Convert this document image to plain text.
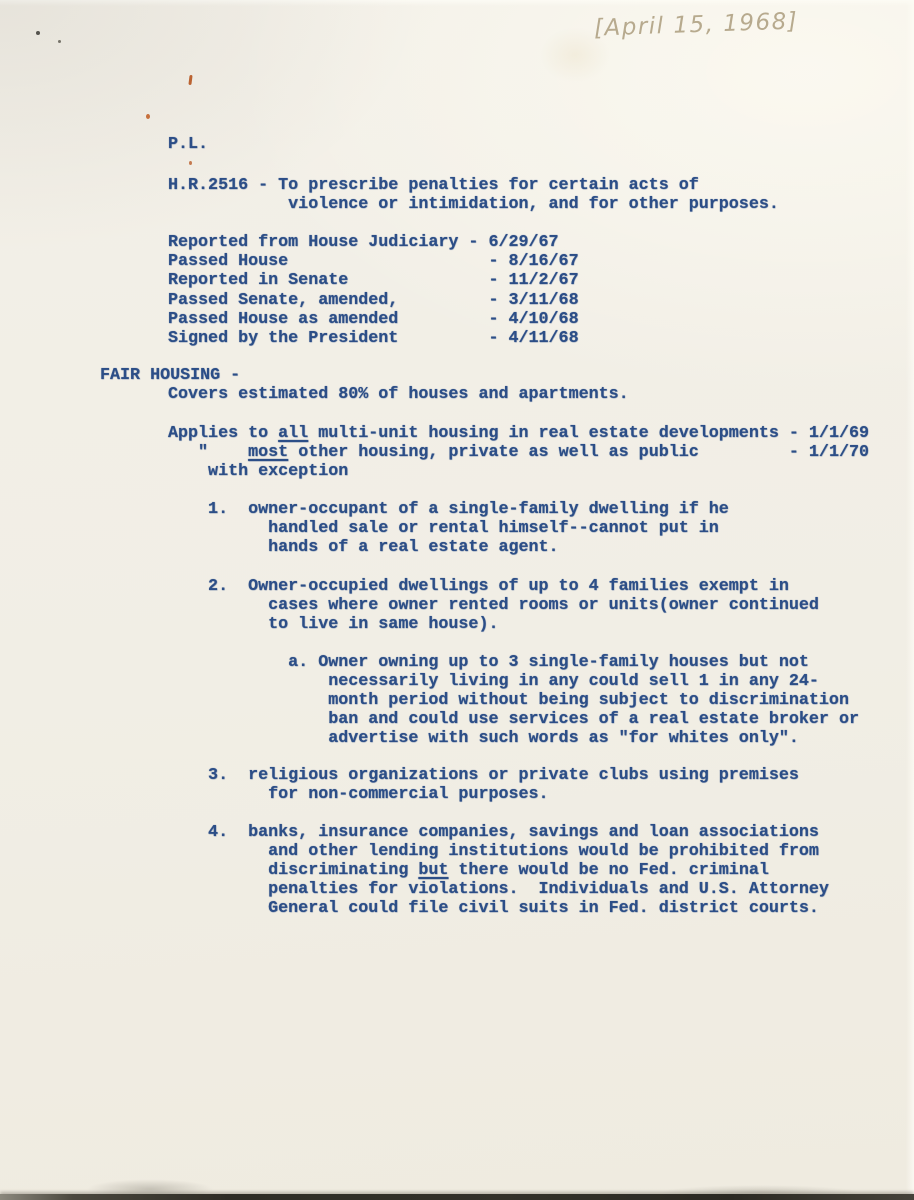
[April 15, 1968]
P.L.
H.R.2516 - To prescribe penalties for certain acts of
violence or intimidation, and for other purposes.
Reported from House Judiciary - 6/29/67
Passed House                    - 8/16/67
Reported in Senate              - 11/2/67
Passed Senate, amended,         - 3/11/68
Passed House as amended         - 4/10/68
Signed by the President         - 4/11/68
FAIR HOUSING -
Covers estimated 80% of houses and apartments.
Applies to all multi-unit housing in real estate developments - 1/1/69
"    most other housing, private as well as public         - 1/1/70
with exception
1.  owner-occupant of a single-family dwelling if he
handled sale or rental himself--cannot put in
hands of a real estate agent.
2.  Owner-occupied dwellings of up to 4 families exempt in
cases where owner rented rooms or units(owner continued
to live in same house).
a. Owner owning up to 3 single-family houses but not
necessarily living in any could sell 1 in any 24-
month period without being subject to discrimination
ban and could use services of a real estate broker or
advertise with such words as "for whites only".
3.  religious organizations or private clubs using premises
for non-commercial purposes.
4.  banks, insurance companies, savings and loan associations
and other lending institutions would be prohibited from
discriminating but there would be no Fed. criminal
penalties for violations.  Individuals and U.S. Attorney
General could file civil suits in Fed. district courts.
